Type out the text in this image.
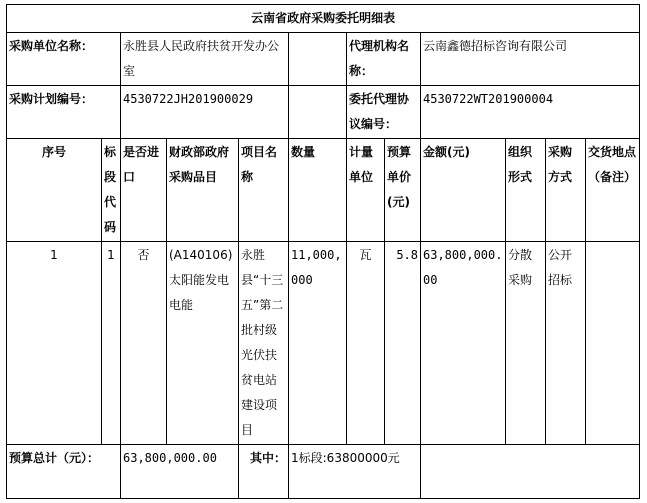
云南省政府采购委托明细表											
采购单位名称：		永胜县人民政府扶贫开发办公室				代理机构名称：		云南鑫德招标咨询有限公司			
采购计划编号：		4530722JH201900029				委托代理协议编号：		4530722WT201900004			
序号	标段代码	是否进口	财政部政府采购品目	项目名称	数量	计量单位	预算单价(元)	金额(元)	组织形式	采购方式	交货地点（备注）
1	1	否	(A140106)太阳能发电电能	永胜县“十三五”第二批村级光伏扶贫电站建设项目	11,000,000	瓦	5.8	63,800,000.00	分散采购	公开招标	
预算总计（元）：		63,800,000.00		其中：	1标段:63800000元						
